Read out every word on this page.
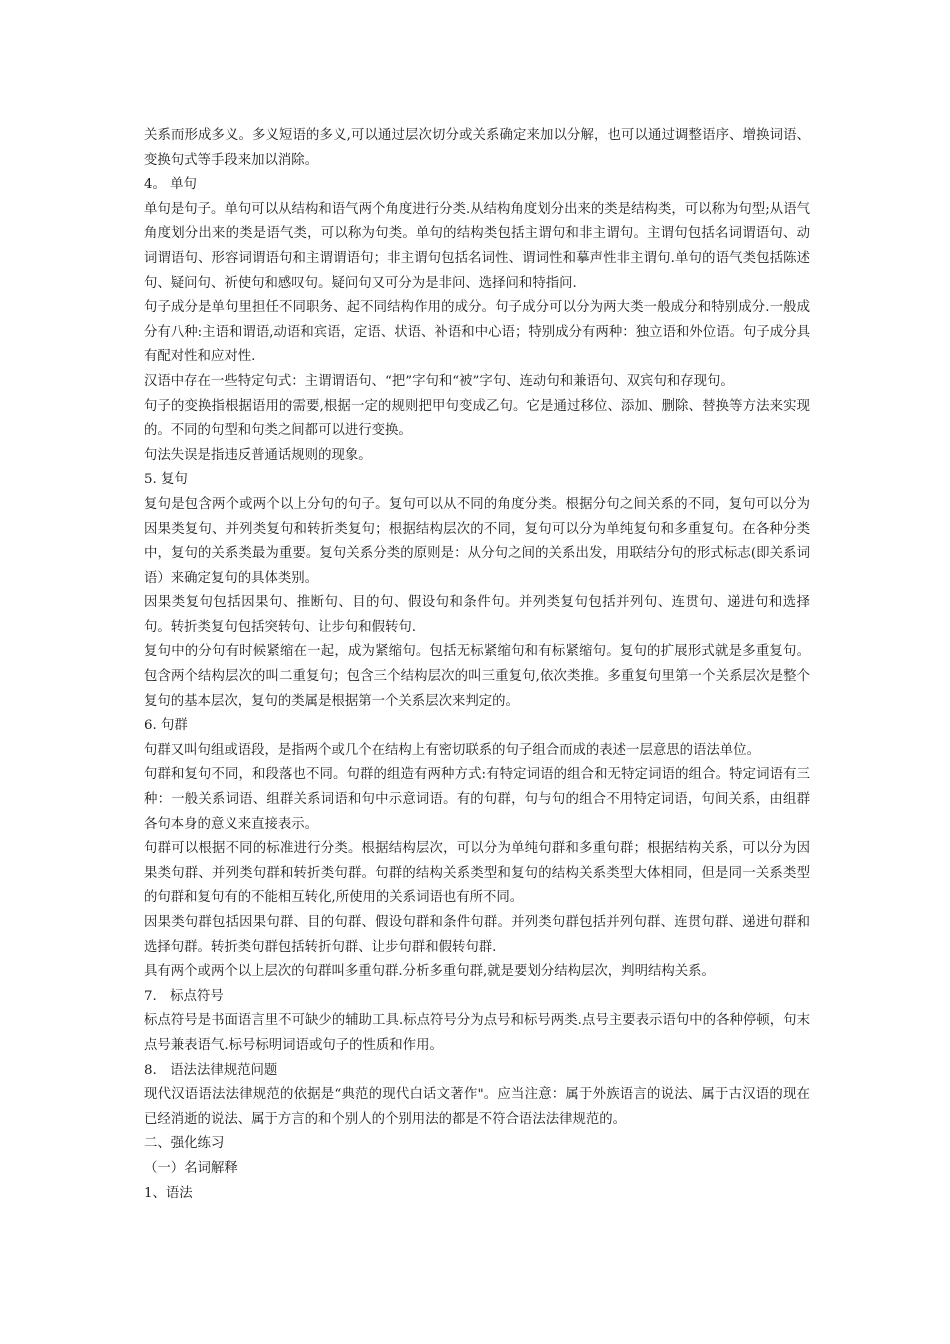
关系而形成多义。多义短语的多义,可以通过层次切分或关系确定来加以分解，也可以通过调整语序、增换词语、变换句式等手段来加以消除。

4。 单句

单句是句子。单句可以从结构和语气两个角度进行分类.从结构角度划分出来的类是结构类，可以称为句型;从语气角度划分出来的类是语气类，可以称为句类。单句的结构类包括主谓句和非主谓句。主谓句包括名词谓语句、动词谓语句、形容词谓语句和主谓谓语句；非主谓句包括名词性、谓词性和摹声性非主谓句.单句的语气类包括陈述句、疑问句、祈使句和感叹句。疑问句又可分为是非问、选择问和特指问.

句子成分是单句里担任不同职务、起不同结构作用的成分。句子成分可以分为两大类一般成分和特别成分.一般成分有八种:主语和谓语,动语和宾语，定语、状语、补语和中心语；特别成分有两种：独立语和外位语。句子成分具有配对性和应对性.

汉语中存在一些特定句式：主谓谓语句、“把”字句和“被”字句、连动句和兼语句、双宾句和存现句。

句子的变换指根据语用的需要,根据一定的规则把甲句变成乙句。它是通过移位、添加、删除、替换等方法来实现的。不同的句型和句类之间都可以进行变换。

句法失误是指违反普通话规则的现象。

5. 复句

复句是包含两个或两个以上分句的句子。复句可以从不同的角度分类。根据分句之间关系的不同，复句可以分为因果类复句、并列类复句和转折类复句；根据结构层次的不同，复句可以分为单纯复句和多重复句。在各种分类中，复句的关系类最为重要。复句关系分类的原则是：从分句之间的关系出发，用联结分句的形式标志(即关系词语）来确定复句的具体类别。

因果类复句包括因果句、推断句、目的句、假设句和条件句。并列类复句包括并列句、连贯句、递进句和选择句。转折类复句包括突转句、让步句和假转句.

复句中的分句有时候紧缩在一起，成为紧缩句。包括无标紧缩句和有标紧缩句。复句的扩展形式就是多重复句。包含两个结构层次的叫二重复句；包含三个结构层次的叫三重复句,依次类推。多重复句里第一个关系层次是整个复句的基本层次，复句的类属是根据第一个关系层次来判定的。

6. 句群

句群又叫句组或语段，是指两个或几个在结构上有密切联系的句子组合而成的表述一层意思的语法单位。

句群和复句不同，和段落也不同。句群的组造有两种方式:有特定词语的组合和无特定词语的组合。特定词语有三种：一般关系词语、组群关系词语和句中示意词语。有的句群，句与句的组合不用特定词语，句间关系，由组群各句本身的意义来直接表示。

句群可以根据不同的标准进行分类。根据结构层次，可以分为单纯句群和多重句群；根据结构关系，可以分为因果类句群、并列类句群和转折类句群。句群的结构关系类型和复句的结构关系类型大体相同，但是同一关系类型的句群和复句有的不能相互转化,所使用的关系词语也有所不同。

因果类句群包括因果句群、目的句群、假设句群和条件句群。并列类句群包括并列句群、连贯句群、递进句群和选择句群。转折类句群包括转折句群、让步句群和假转句群.

具有两个或两个以上层次的句群叫多重句群.分析多重句群,就是要划分结构层次，判明结构关系。

7.　标点符号

标点符号是书面语言里不可缺少的辅助工具.标点符号分为点号和标号两类.点号主要表示语句中的各种停顿，句末点号兼表语气.标号标明词语或句子的性质和作用。

8.　语法法律规范问题

现代汉语语法法律规范的依据是“典范的现代白话文著作"。应当注意：属于外族语言的说法、属于古汉语的现在已经消逝的说法、属于方言的和个别人的个别用法的都是不符合语法法律规范的。

二、强化练习

（一）名词解释

1、语法
